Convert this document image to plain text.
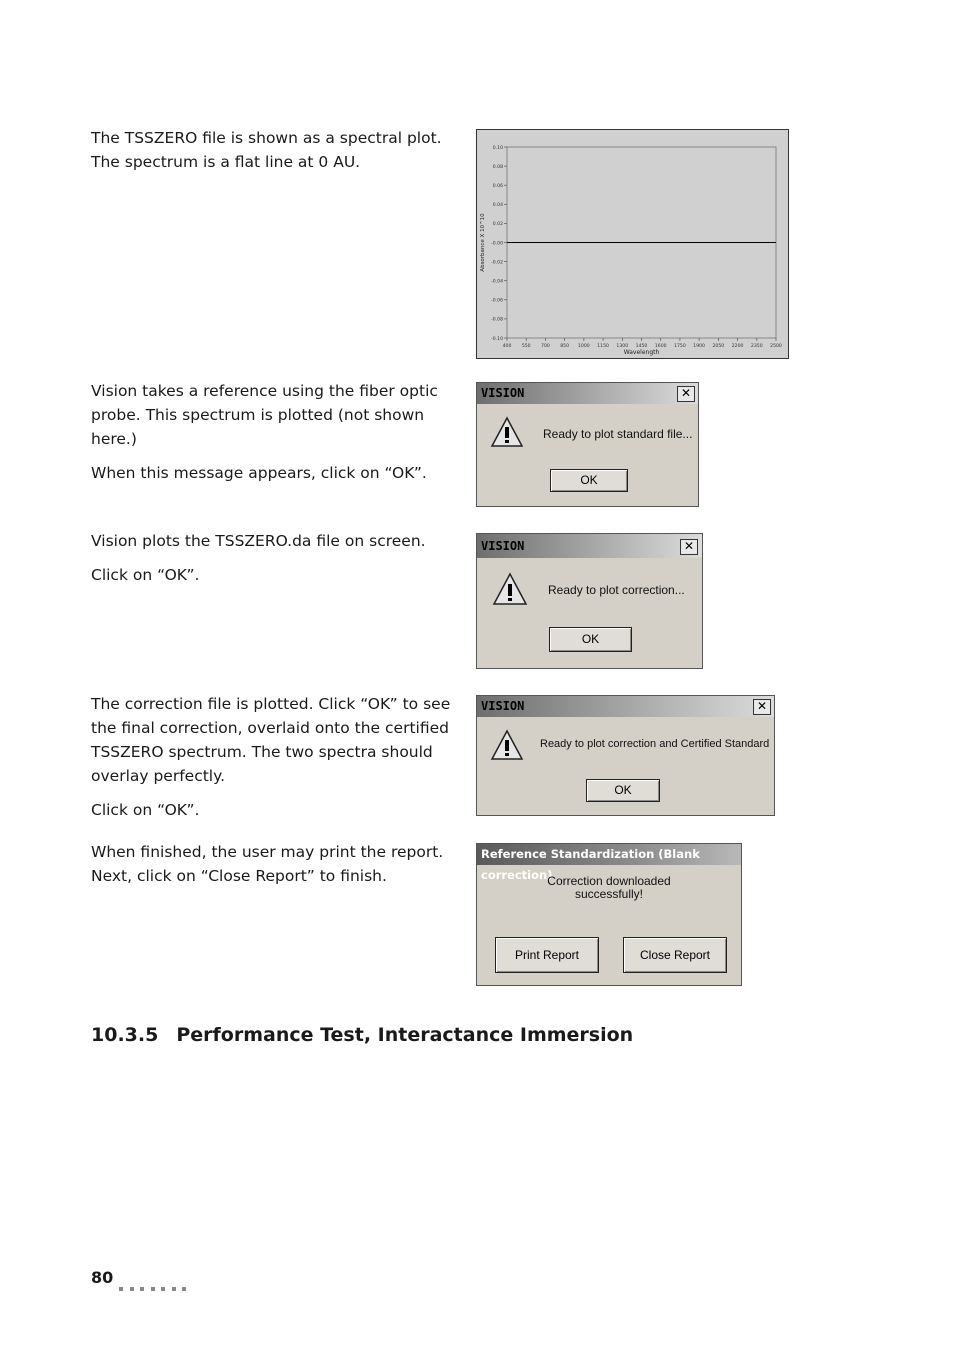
The TSSZERO file is shown as a spectral plot. The spectrum is a flat line at 0 AU.

Vision takes a reference using the fiber optic probe. This spectrum is plotted (not shown here.)

When this message appears, click on “OK”.

Vision plots the TSSZERO.da file on screen.

Click on “OK”.

The correction file is plotted. Click “OK” to see the final correction, overlaid onto the certified TSSZERO spectrum. The two spectra should overlay perfectly.

Click on “OK”.

When finished, the user may print the report. Next, click on “Close Report” to finish.

0.10
0.08
0.06
0.04
0.02
-0.00
-0.02
-0.04
-0.06
-0.08
-0.10
400 550 700 850 1000 1150 1300 1450 1600 1750 1900 2050 2200 2350 2500
Wavelength
Absorbance X 10^10
VISION	✕
Ready to plot standard file...
OK
VISION	✕
Ready to plot correction...
OK
VISION	✕
Ready to plot correction and Certified Standard
OK
Reference Standardization (Blank correction)
Correction downloaded
successfully!
Print Report	Close Report
10.3.5 Performance Test, Interactance Immersion
80
